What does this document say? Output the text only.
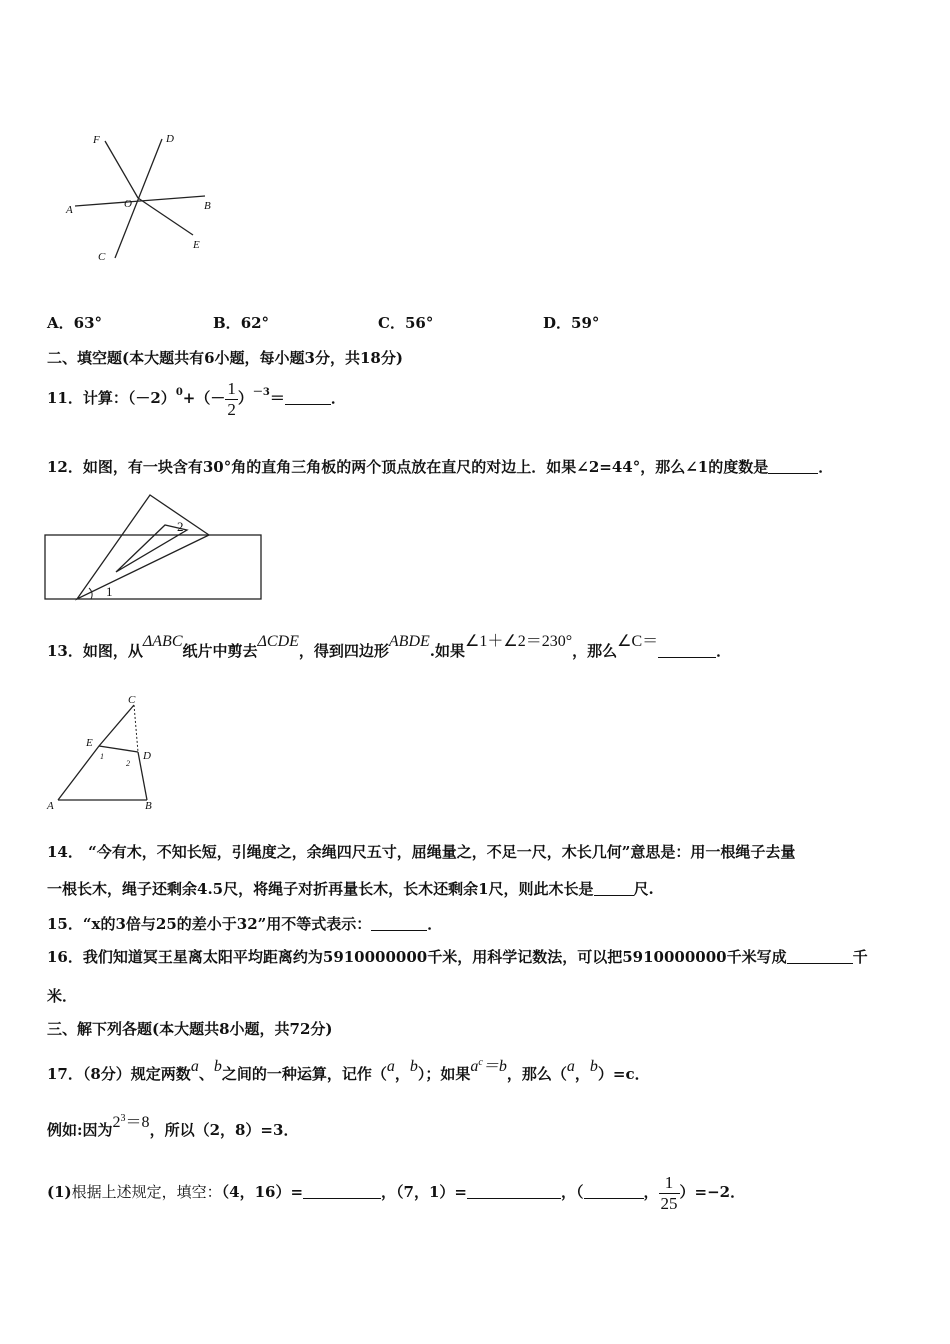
F	D
A	O	B
C
E
A．63°	B．62°	C．56°	D．59°
二、填空题(本大题共有6小题，每小题3分，共18分)
11．计算：$(-2)^0+(- \frac{1}{2} )^{-3}=$	．
12．如图，有一块含有30°角的直角三角板的两个顶点放在直尺的对边上．如果∠2=44°，那么∠1的度数是	．
2
1
13．如图，从ΔABC纸片中剪去ΔCDE，得到四边形ABDE.如果∠1＋∠2＝230°，那么∠C＝．
C
E
D
A	B
1
2
14． “今有木，不知长短，引绳度之，余绳四尺五寸，屈绳量之，不足一尺，木长几何”意思是：用一根绳子去量
一根长木，绳子还剩余4.5尺，将绳子对折再量长木，长木还剩余1尺，则此木长是	尺.
15．“x的3倍与25的差小于32”用不等式表示：	．
16．我们知道冥王星离太阳平均距离约为5910000000千米，用科学记数法，可以把5910000000千米写成	千
米．
三、解下列各题(本大题共8小题，共72分)
17．（8分）规定两数a、b之间的一种运算，记作（a，b）；如果$a^c=b$，那么（a，b）=c．
例如:因为$2^3=8$，所以（2，8）=3．
(1)根据上述规定，填空：（4，16）=	，（7，1）=	，（	， $\frac{1}{25} )=-2$．
